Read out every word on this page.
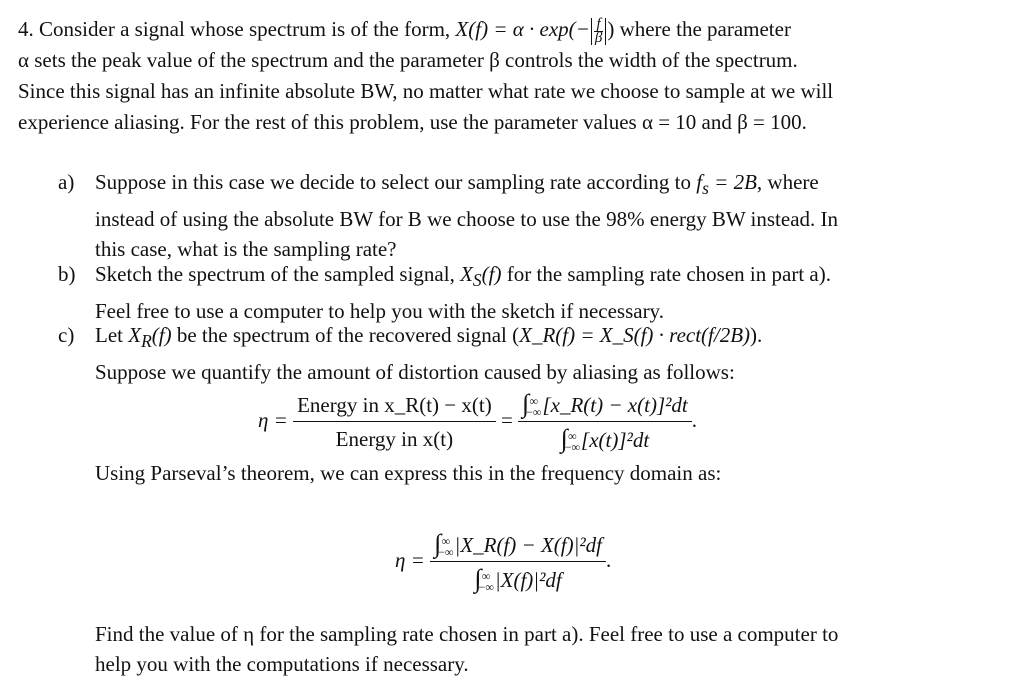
4. Consider a signal whose spectrum is of the form, $X(f) = \alpha \cdot \exp(- \frac{f}{\beta}$ ) where the parameter
α sets the peak value of the spectrum and the parameter β controls the width of the spectrum.
Since this signal has an infinite absolute BW, no matter what rate we choose to sample at we will
experience aliasing. For the rest of this problem, use the parameter values α = 10 and β = 100.
a) Suppose in this case we decide to select our sampling rate according to $f_s = 2B$, where
instead of using the absolute BW for B we choose to use the 98% energy BW instead. In
this case, what is the sampling rate?
b) Sketch the spectrum of the sampled signal, $X_S(f)$ for the sampling rate chosen in part a).
Feel free to use a computer to help you with the sketch if necessary.
c) Let $X_R(f)$ be the spectrum of the recovered signal (X_R(f) = X_S(f) · rect(f/2B)).
Suppose we quantify the amount of distortion caused by aliasing as follows:
$\eta = \frac{\text{Energy in x\_R(t) − x(t)}}{\text{Energy in x(t)}}$ = ∫ ∞
−∞ [x_R(t) − x(t)]²dt
∫ ∞
−∞ [x(t)]²dt .
Using Parseval’s theorem, we can express this in the frequency domain as:
η = ∫ ∞
−∞ |X_R(f) − X(f)|²df
∫ ∞
−∞ |X(f)|²df .
Find the value of η for the sampling rate chosen in part a). Feel free to use a computer to
help you with the computations if necessary.
